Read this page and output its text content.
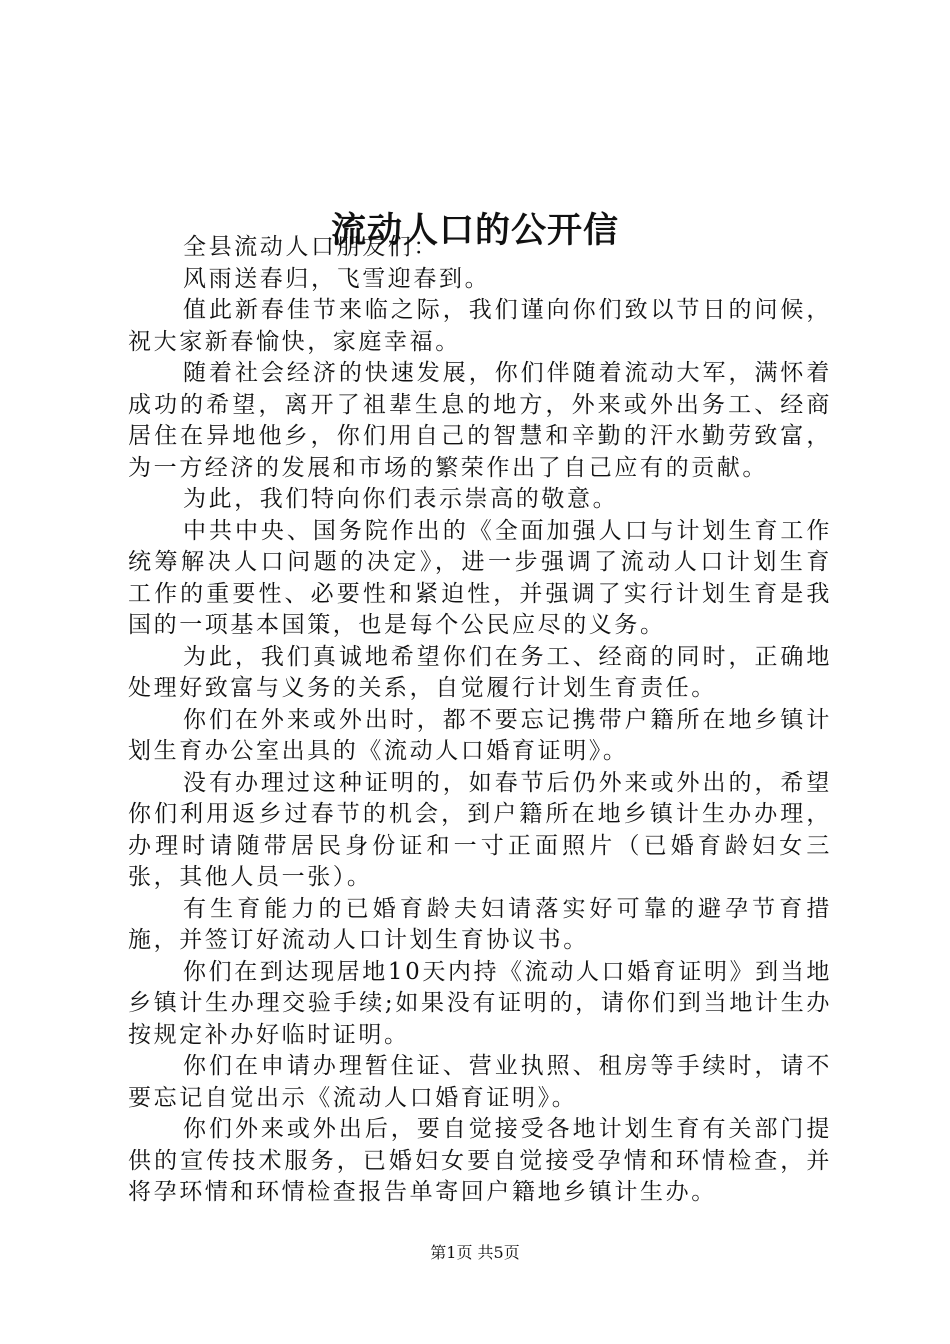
流动人口的公开信

全县流动人口朋友们：

风雨送春归，飞雪迎春到。

值此新春佳节来临之际，我们谨向你们致以节日的问候，祝大家新春愉快，家庭幸福。

随着社会经济的快速发展，你们伴随着流动大军，满怀着成功的希望，离开了祖辈生息的地方，外来或外出务工、经商居住在异地他乡，你们用自己的智慧和辛勤的汗水勤劳致富，为一方经济的发展和市场的繁荣作出了自己应有的贡献。

为此，我们特向你们表示崇高的敬意。

中共中央、国务院作出的《全面加强人口与计划生育工作统筹解决人口问题的决定》，进一步强调了流动人口计划生育工作的重要性、必要性和紧迫性，并强调了实行计划生育是我国的一项基本国策，也是每个公民应尽的义务。

为此，我们真诚地希望你们在务工、经商的同时，正确地处理好致富与义务的关系，自觉履行计划生育责任。

你们在外来或外出时，都不要忘记携带户籍所在地乡镇计划生育办公室出具的《流动人口婚育证明》。

没有办理过这种证明的，如春节后仍外来或外出的，希望你们利用返乡过春节的机会，到户籍所在地乡镇计生办办理，办理时请随带居民身份证和一寸正面照片（已婚育龄妇女三张，其他人员一张）。

有生育能力的已婚育龄夫妇请落实好可靠的避孕节育措施，并签订好流动人口计划生育协议书。

你们在到达现居地10天内持《流动人口婚育证明》到当地乡镇计生办理交验手续;如果没有证明的，请你们到当地计生办按规定补办好临时证明。

你们在申请办理暂住证、营业执照、租房等手续时，请不要忘记自觉出示《流动人口婚育证明》。

你们外来或外出后，要自觉接受各地计划生育有关部门提供的宣传技术服务，已婚妇女要自觉接受孕情和环情检查，并将孕环情和环情检查报告单寄回户籍地乡镇计生办。

第1页 共5页
